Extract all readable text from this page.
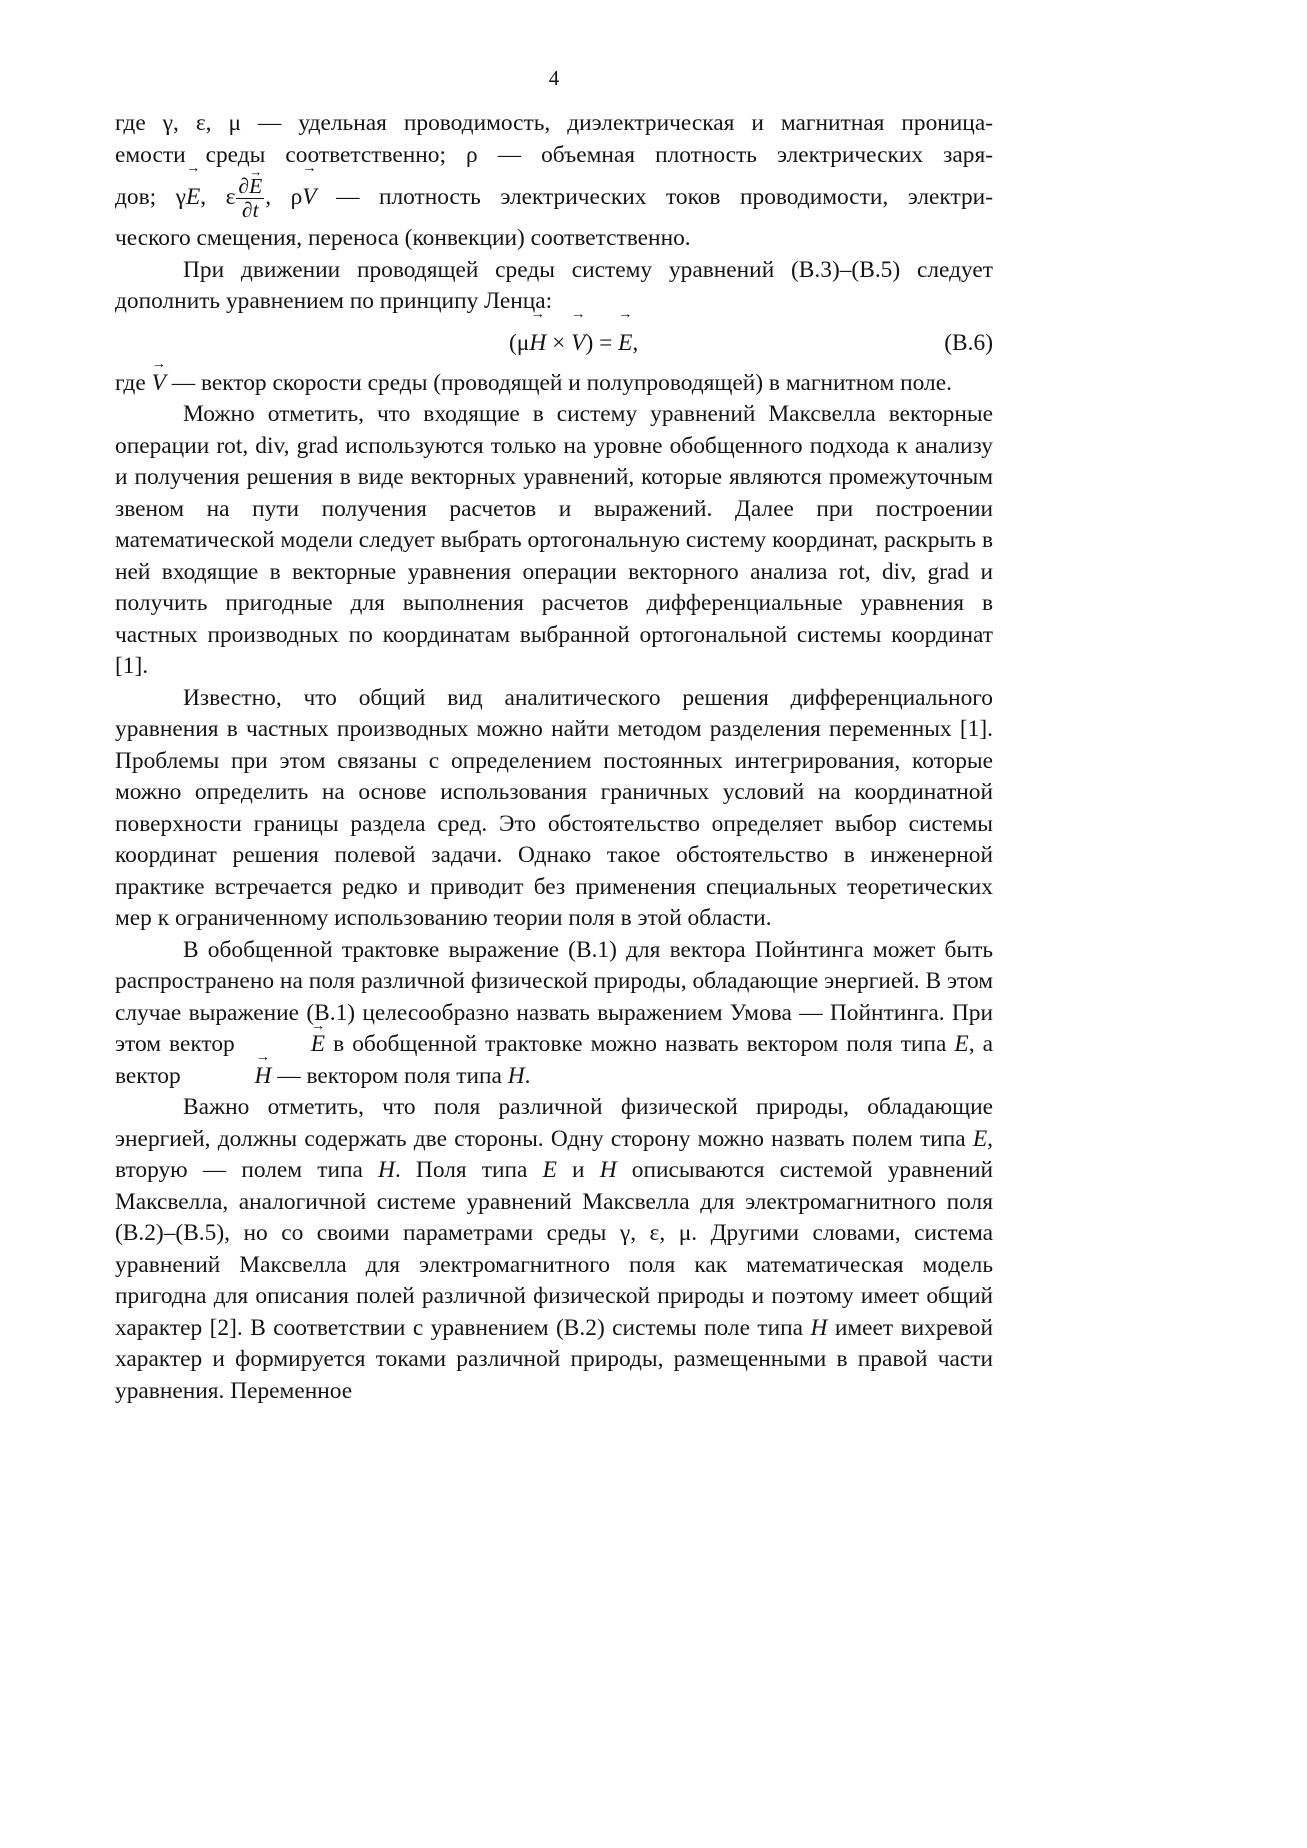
4

где γ, ε, μ — удельная проводимость, диэлектрическая и магнитная проница-

емости среды соответственно; ρ — объемная плотность электрических заря-

дов; γ→ E, ε $\frac{\partial\to E}{\partial t}$ , ρ→ V — плотность электрических токов проводимости, электри-

ческого смещения, переноса (конвекции) соответственно.

При движении проводящей среды систему уравнений (В.3)–(В.5) следует дополнить уравнением по принципу Ленца:

(μ→ H × → V) = → E,	(В.6)

где → V — вектор скорости среды (проводящей и полупроводящей) в магнитном поле.

Можно отметить, что входящие в систему уравнений Максвелла векторные операции rot, div, grad используются только на уровне обобщенного подхода к анализу и получения решения в виде векторных уравнений, которые являются промежуточным звеном на пути получения расчетов и выражений. Далее при построении математической модели следует выбрать ортогональную систему координат, раскрыть в ней входящие в векторные уравнения операции векторного анализа rot, div, grad и получить пригодные для выполнения расчетов дифференциальные уравнения в частных производных по координатам выбранной ортогональной системы координат [1].

Известно, что общий вид аналитического решения дифференциального уравнения в частных производных можно найти методом разделения переменных [1]. Проблемы при этом связаны с определением постоянных интегрирования, которые можно определить на основе использования граничных условий на координатной поверхности границы раздела сред. Это обстоятельство определяет выбор системы координат решения полевой задачи. Однако такое обстоятельство в инженерной практике встречается редко и приводит без применения специальных теоретических мер к ограниченному использованию теории поля в этой области.

В обобщенной трактовке выражение (В.1) для вектора Пойнтинга может быть распространено на поля различной физической природы, обладающие энергией. В этом случае выражение (В.1) целесообразно назвать выражением Умова — Пойнтинга. При этом вектор	→ E в обобщенной трактовке можно назвать вектором поля типа E, а вектор	→ H — вектором поля типа H.

Важно отметить, что поля различной физической природы, обладающие энергией, должны содержать две стороны. Одну сторону можно назвать полем типа E, вторую — полем типа H. Поля типа E и H описываются системой уравнений Максвелла, аналогичной системе уравнений Максвелла для электромагнитного поля (В.2)–(В.5), но со своими параметрами среды γ, ε, μ. Другими словами, система уравнений Максвелла для электромагнитного поля как математическая модель пригодна для описания полей различной физической природы и поэтому имеет общий характер [2]. В соответствии с уравнением (В.2) системы поле типа H имеет вихревой характер и формируется токами различной природы, размещенными в правой части уравнения. Переменное
